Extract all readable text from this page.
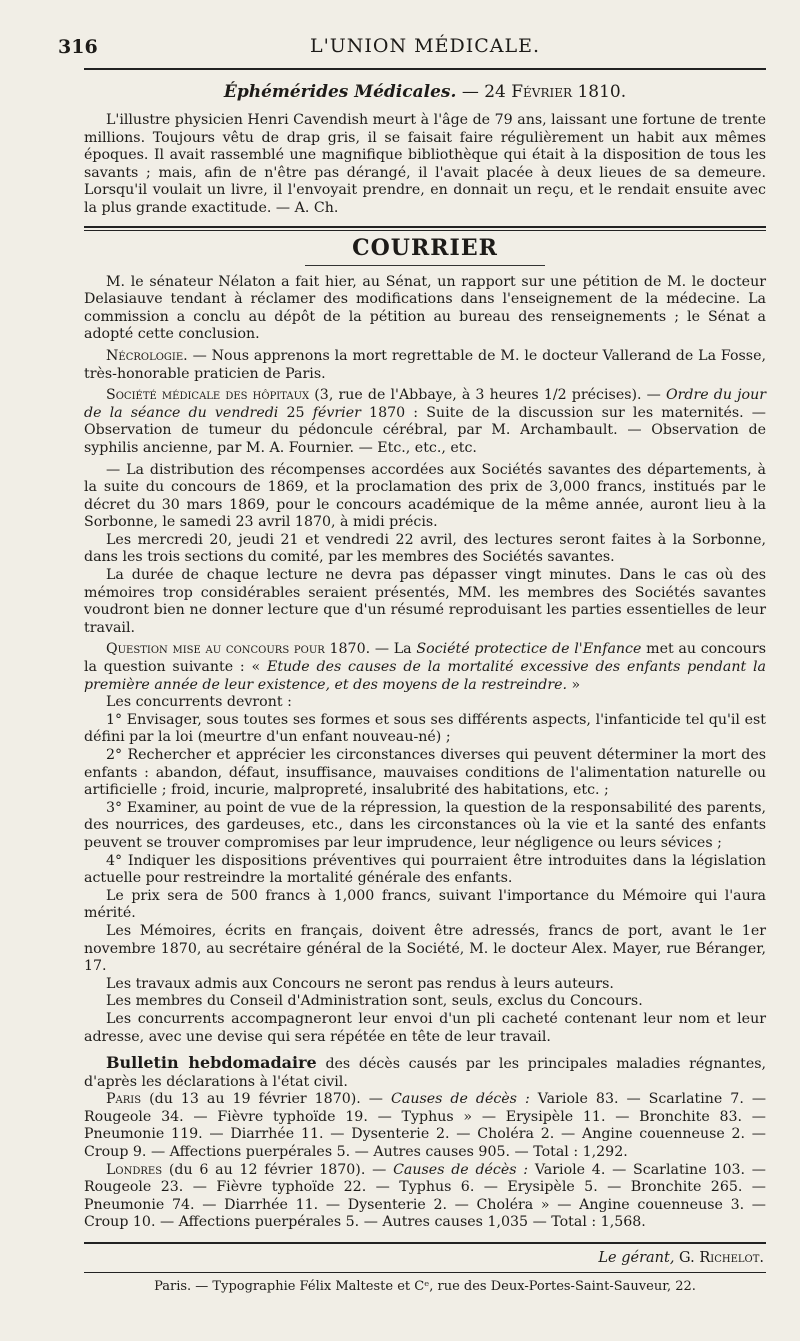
316	L'UNION MÉDICALE.
Éphémérides Médicales. — 24 Février 1810.

L'illustre physicien Henri Cavendish meurt à l'âge de 79 ans, laissant une fortune de trente millions. Toujours vêtu de drap gris, il se faisait faire régulièrement un habit aux mêmes époques. Il avait rassemblé une magnifique bibliothèque qui était à la disposition de tous les savants ; mais, afin de n'être pas dérangé, il l'avait placée à deux lieues de sa demeure. Lorsqu'il voulait un livre, il l'envoyait prendre, en donnait un reçu, et le rendait ensuite avec la plus grande exactitude. — A. Ch.

COURRIER

M. le sénateur Nélaton a fait hier, au Sénat, un rapport sur une pétition de M. le docteur Delasiauve tendant à réclamer des modifications dans l'enseignement de la médecine. La commission a conclu au dépôt de la pétition au bureau des renseignements ; le Sénat a adopté cette conclusion.

Nécrologie. — Nous apprenons la mort regrettable de M. le docteur Vallerand de La Fosse, très-honorable praticien de Paris.

Société médicale des hôpitaux (3, rue de l'Abbaye, à 3 heures 1/2 précises). — Ordre du jour de la séance du vendredi 25 février 1870 : Suite de la discussion sur les maternités. — Observation de tumeur du pédoncule cérébral, par M. Archambault. — Observation de syphilis ancienne, par M. A. Fournier. — Etc., etc., etc.

— La distribution des récompenses accordées aux Sociétés savantes des départements, à la suite du concours de 1869, et la proclamation des prix de 3,000 francs, institués par le décret du 30 mars 1869, pour le concours académique de la même année, auront lieu à la Sorbonne, le samedi 23 avril 1870, à midi précis.

Les mercredi 20, jeudi 21 et vendredi 22 avril, des lectures seront faites à la Sorbonne, dans les trois sections du comité, par les membres des Sociétés savantes.

La durée de chaque lecture ne devra pas dépasser vingt minutes. Dans le cas où des mémoires trop considérables seraient présentés, MM. les membres des Sociétés savantes voudront bien ne donner lecture que d'un résumé reproduisant les parties essentielles de leur travail.

Question mise au concours pour 1870. — La Société protectice de l'Enfance met au concours la question suivante : « Etude des causes de la mortalité excessive des enfants pendant la première année de leur existence, et des moyens de la restreindre. »

Les concurrents devront :

1° Envisager, sous toutes ses formes et sous ses différents aspects, l'infanticide tel qu'il est défini par la loi (meurtre d'un enfant nouveau-né) ;

2° Rechercher et apprécier les circonstances diverses qui peuvent déterminer la mort des enfants : abandon, défaut, insuffisance, mauvaises conditions de l'alimentation naturelle ou artificielle ; froid, incurie, malpropreté, insalubrité des habitations, etc. ;

3° Examiner, au point de vue de la répression, la question de la responsabilité des parents, des nourrices, des gardeuses, etc., dans les circonstances où la vie et la santé des enfants peuvent se trouver compromises par leur imprudence, leur négligence ou leurs sévices ;

4° Indiquer les dispositions préventives qui pourraient être introduites dans la législation actuelle pour restreindre la mortalité générale des enfants.

Le prix sera de 500 francs à 1,000 francs, suivant l'importance du Mémoire qui l'aura mérité.

Les Mémoires, écrits en français, doivent être adressés, francs de port, avant le 1er novembre 1870, au secrétaire général de la Société, M. le docteur Alex. Mayer, rue Béranger, 17.

Les travaux admis aux Concours ne seront pas rendus à leurs auteurs.

Les membres du Conseil d'Administration sont, seuls, exclus du Concours.

Les concurrents accompagneront leur envoi d'un pli cacheté contenant leur nom et leur adresse, avec une devise qui sera répétée en tête de leur travail.

Bulletin hebdomadaire des décès causés par les principales maladies régnantes, d'après les déclarations à l'état civil.

Paris (du 13 au 19 février 1870). — Causes de décès : Variole 83. — Scarlatine 7. — Rougeole 34. — Fièvre typhoïde 19. — Typhus » — Erysipèle 11. — Bronchite 83. — Pneumonie 119. — Diarrhée 11. — Dysenterie 2. — Choléra 2. — Angine couenneuse 2. — Croup 9. — Affections puerpérales 5. — Autres causes 905. — Total : 1,292.

Londres (du 6 au 12 février 1870). — Causes de décès : Variole 4. — Scarlatine 103. — Rougeole 23. — Fièvre typhoïde 22. — Typhus 6. — Erysipèle 5. — Bronchite 265. — Pneumonie 74. — Diarrhée 11. — Dysenterie 2. — Choléra » — Angine couenneuse 3. — Croup 10. — Affections puerpérales 5. — Autres causes 1,035 — Total : 1,568.

Le gérant, G. Richelot.
Paris. — Typographie Félix Malteste et Cᵉ, rue des Deux-Portes-Saint-Sauveur, 22.
